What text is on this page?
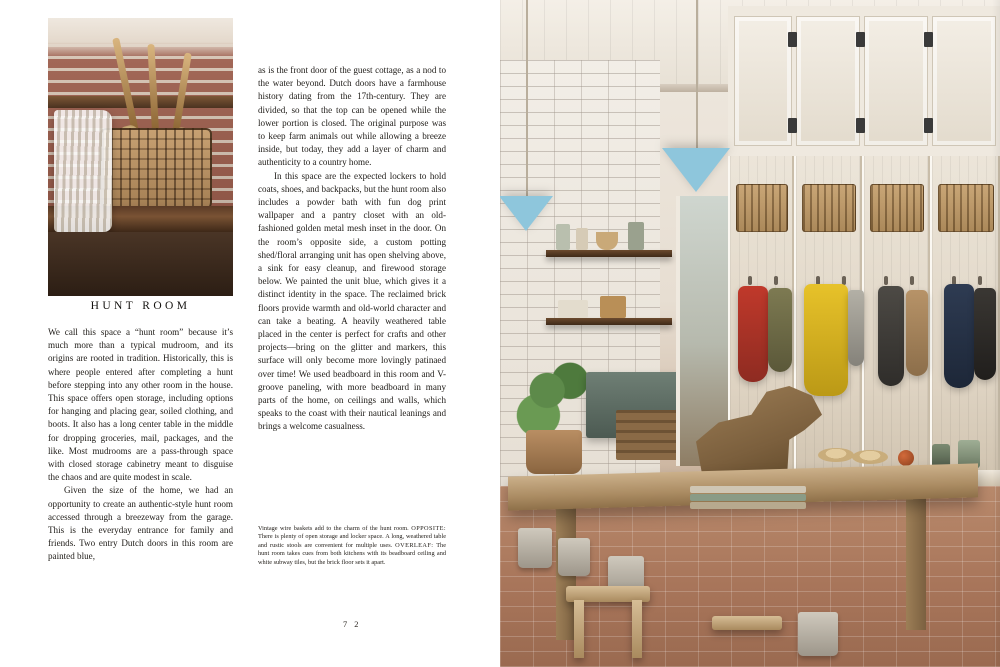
HUNT ROOM

We call this space a “hunt room” because it’s much more than a typical mudroom, and its origins are rooted in tradition. Historically, this is where people entered after completing a hunt before stepping into any other room in the house. This space offers open storage, including options for hanging and placing gear, soiled clothing, and boots. It also has a long center table in the middle for dropping groceries, mail, packages, and the like. Most mudrooms are a pass-through space with closed storage cabinetry meant to disguise the chaos and are quite modest in scale.

Given the size of the home, we had an opportunity to create an authentic-style hunt room accessed through a breezeway from the garage. This is the everyday entrance for family and friends. Two entry Dutch doors in this room are painted blue,

as is the front door of the guest cottage, as a nod to the water beyond. Dutch doors have a farmhouse history dating from the 17th-century. They are divided, so that the top can be opened while the lower portion is closed. The original purpose was to keep farm animals out while allowing a breeze inside, but today, they add a layer of charm and authenticity to a country home.

In this space are the expected lockers to hold coats, shoes, and backpacks, but the hunt room also includes a powder bath with fun dog print wallpaper and a pantry closet with an old-fashioned golden metal mesh inset in the door. On the room’s opposite side, a custom potting shed/floral arranging unit has open shelving above, a sink for easy cleanup, and firewood storage below. We painted the unit blue, which gives it a distinct identity in the space. The reclaimed brick floors provide warmth and old-world character and can take a beating. A heavily weathered table placed in the center is perfect for crafts and other projects—bring on the glitter and markers, this surface will only become more lovingly patinaed over time! We used beadboard in this room and V-groove paneling, with more beadboard in many parts of the home, on ceilings and walls, which speaks to the coast with their nautical leanings and brings a welcome casualness.

Vintage wire baskets add to the charm of the hunt room. OPPOSITE: There is plenty of open storage and locker space. A long, weathered table and rustic stools are convenient for multiple uses. OVERLEAF: The hunt room takes cues from both kitchens with its beadboard ceiling and white subway tiles, but the brick floor sets it apart.
7 2
